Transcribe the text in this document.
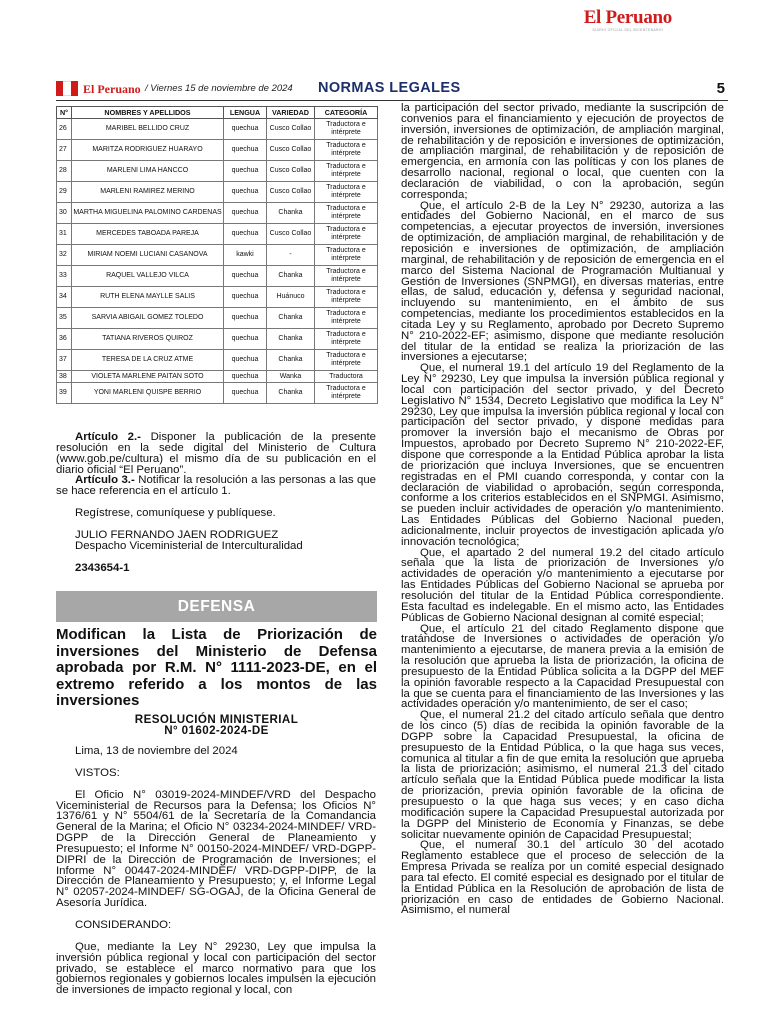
El Peruano
DIARIO OFICIAL DEL BICENTENARIO
El Peruano / Viernes 15 de noviembre de 2024 NORMAS LEGALES	5
N°	NOMBRES Y APELLIDOS	LENGUA	VARIEDAD	CATEGORÍA
26	MARIBEL BELLIDO CRUZ	quechua	Cusco Collao	Traductora e intérprete
27	MARITZA RODRIGUEZ HUARAYO	quechua	Cusco Collao	Traductora e intérprete
28	MARLENI LIMA HANCCO	quechua	Cusco Collao	Traductora e intérprete
29	MARLENI RAMIREZ MERINO	quechua	Cusco Collao	Traductora e intérprete
30	MARTHA MIGUELINA PALOMINO CARDENAS	quechua	Chanka	Traductora e intérprete
31	MERCEDES TABOADA PAREJA	quechua	Cusco Collao	Traductora e intérprete
32	MIRIAM NOEMI LUCIANI CASANOVA	kawki	-	Traductora e intérprete
33	RAQUEL VALLEJO VILCA	quechua	Chanka	Traductora e intérprete
34	RUTH ELENA MAYLLE SALIS	quechua	Huánuco	Traductora e intérprete
35	SARVIA ABIGAIL GOMEZ TOLEDO	quechua	Chanka	Traductora e intérprete
36	TATIANA RIVEROS QUIROZ	quechua	Chanka	Traductora e intérprete
37	TERESA DE LA CRUZ ATME	quechua	Chanka	Traductora e intérprete
38	VIOLETA MARLENE PAITAN SOTO	quechua	Wanka	Traductora
39	YONI MARLENI QUISPE BERRIO	quechua	Chanka	Traductora e intérprete

Artículo 2.- Disponer la publicación de la presente resolución en la sede digital del Ministerio de Cultura (www.gob.pe/cultura) el mismo día de su publicación en el diario oficial “El Peruano”.

Artículo 3.- Notificar la resolución a las personas a las que se hace referencia en el artículo 1.

Regístrese, comuníquese y publíquese.

JULIO FERNANDO JAEN RODRIGUEZ

Despacho Viceministerial de Interculturalidad

2343654-1

DEFENSA
Modifican la Lista de Priorización de inversiones del Ministerio de Defensa aprobada por R.M. N° 1111-2023-DE, en el extremo referido a los montos de las inversiones
RESOLUCIÓN MINISTERIAL
N° 01602-2024-DE

Lima, 13 de noviembre del 2024

VISTOS:

El Oficio N° 03019-2024-MINDEF/VRD del Despacho Viceministerial de Recursos para la Defensa; los Oficios N° 1376/61 y N° 5504/61 de la Secretaría de la Comandancia General de la Marina; el Oficio N° 03234-2024-MINDEF/ VRD-DGPP de la Dirección General de Planeamiento y Presupuesto; el Informe N° 00150-2024-MINDEF/ VRD-DGPP-DIPRI de la Dirección de Programación de Inversiones; el Informe N° 00447-2024-MINDEF/ VRD-DGPP-DIPP, de la Dirección de Planeamiento y Presupuesto; y, el Informe Legal N° 02057-2024-MINDEF/ SG-OGAJ, de la Oficina General de Asesoría Jurídica.

CONSIDERANDO:

Que, mediante la Ley N° 29230, Ley que impulsa la inversión pública regional y local con participación del sector privado, se establece el marco normativo para que los gobiernos regionales y gobiernos locales impulsen la ejecución de inversiones de impacto regional y local, con

la participación del sector privado, mediante la suscripción de convenios para el financiamiento y ejecución de proyectos de inversión, inversiones de optimización, de ampliación marginal, de rehabilitación y de reposición e inversiones de optimización, de ampliación marginal, de rehabilitación y de reposición de emergencia, en armonía con las políticas y con los planes de desarrollo nacional, regional o local, que cuenten con la declaración de viabilidad, o con la aprobación, según corresponda;

Que, el artículo 2-B de la Ley N° 29230, autoriza a las entidades del Gobierno Nacional, en el marco de sus competencias, a ejecutar proyectos de inversión, inversiones de optimización, de ampliación marginal, de rehabilitación y de reposición e inversiones de optimización, de ampliación marginal, de rehabilitación y de reposición de emergencia en el marco del Sistema Nacional de Programación Multianual y Gestión de Inversiones (SNPMGI), en diversas materias, entre ellas, de salud, educación y, defensa y seguridad nacional, incluyendo su mantenimiento, en el ámbito de sus competencias, mediante los procedimientos establecidos en la citada Ley y su Reglamento, aprobado por Decreto Supremo N° 210-2022-EF; asimismo, dispone que mediante resolución del titular de la entidad se realiza la priorización de las inversiones a ejecutarse;

Que, el numeral 19.1 del artículo 19 del Reglamento de la Ley N° 29230, Ley que impulsa la inversión pública regional y local con participación del sector privado, y del Decreto Legislativo N° 1534, Decreto Legislativo que modifica la Ley N° 29230, Ley que impulsa la inversión pública regional y local con participación del sector privado, y dispone medidas para promover la inversión bajo el mecanismo de Obras por Impuestos, aprobado por Decreto Supremo N° 210-2022-EF, dispone que corresponde a la Entidad Pública aprobar la lista de priorización que incluya Inversiones, que se encuentren registradas en el PMI cuando corresponda, y contar con la declaración de viabilidad o aprobación, según corresponda, conforme a los criterios establecidos en el SNPMGI. Asimismo, se pueden incluir actividades de operación y/o mantenimiento. Las Entidades Públicas del Gobierno Nacional pueden, adicionalmente, incluir proyectos de investigación aplicada y/o innovación tecnológica;

Que, el apartado 2 del numeral 19.2 del citado artículo señala que la lista de priorización de Inversiones y/o actividades de operación y/o mantenimiento a ejecutarse por las Entidades Públicas del Gobierno Nacional se aprueba por resolución del titular de la Entidad Pública correspondiente. Esta facultad es indelegable. En el mismo acto, las Entidades Públicas de Gobierno Nacional designan al comité especial;

Que, el artículo 21 del citado Reglamento dispone que tratándose de Inversiones o actividades de operación y/o mantenimiento a ejecutarse, de manera previa a la emisión de la resolución que aprueba la lista de priorización, la oficina de presupuesto de la Entidad Pública solicita a la DGPP del MEF la opinión favorable respecto a la Capacidad Presupuestal con la que se cuenta para el financiamiento de las Inversiones y las actividades operación y/o mantenimiento, de ser el caso;

Que, el numeral 21.2 del citado artículo señala que dentro de los cinco (5) días de recibida la opinión favorable de la DGPP sobre la Capacidad Presupuestal, la oficina de presupuesto de la Entidad Pública, o la que haga sus veces, comunica al titular a fin de que emita la resolución que aprueba la lista de priorización; asimismo, el numeral 21.3 del citado artículo señala que la Entidad Pública puede modificar la lista de priorización, previa opinión favorable de la oficina de presupuesto o la que haga sus veces; y en caso dicha modificación supere la Capacidad Presupuestal autorizada por la DGPP del Ministerio de Economía y Finanzas, se debe solicitar nuevamente opinión de Capacidad Presupuestal;

Que, el numeral 30.1 del artículo 30 del acotado Reglamento establece que el proceso de selección de la Empresa Privada se realiza por un comité especial designado para tal efecto. El comité especial es designado por el titular de la Entidad Pública en la Resolución de aprobación de lista de priorización en caso de entidades de Gobierno Nacional. Asimismo, el numeral
